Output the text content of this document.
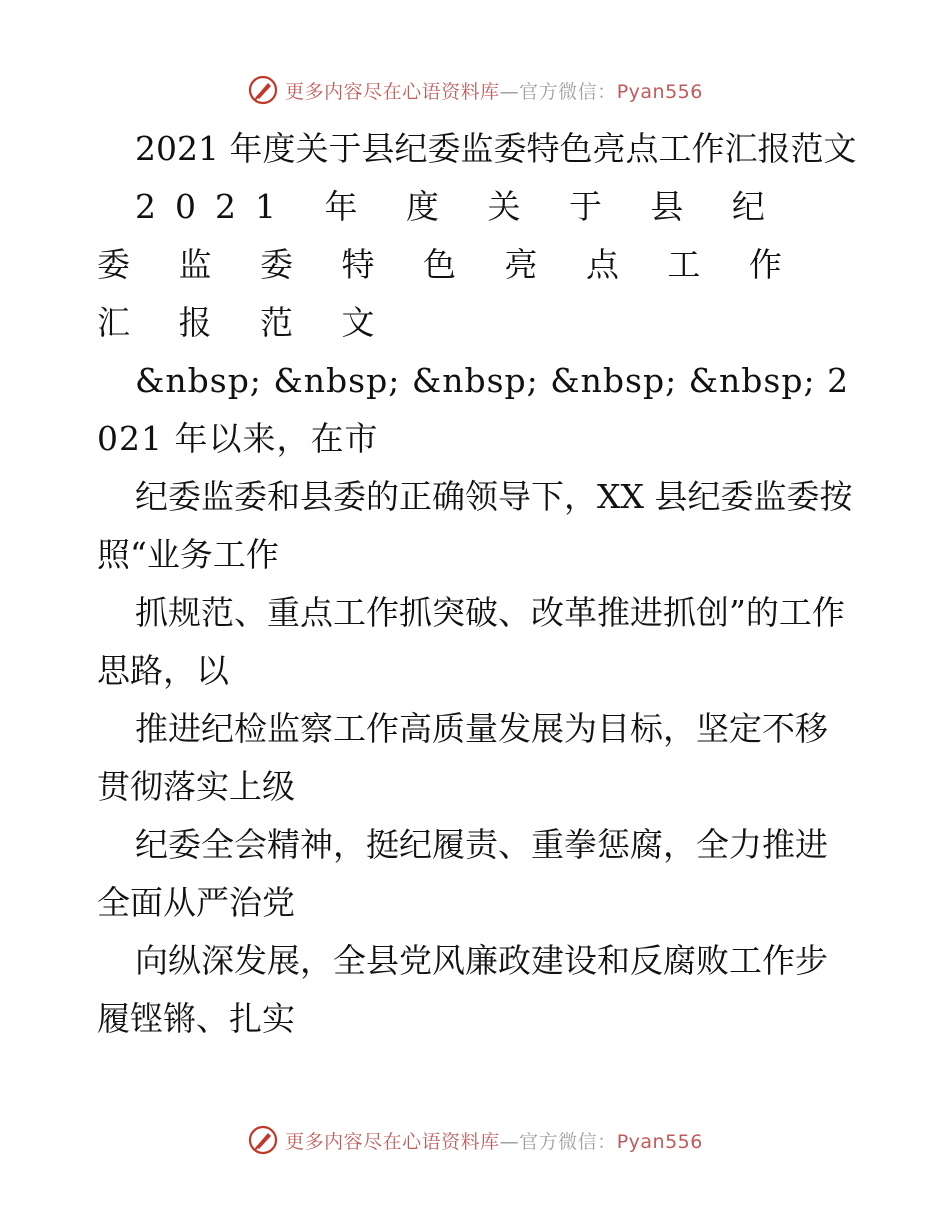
更多内容尽在心语资料库—官方微信：Pyan556

2021 年度关于县纪委监委特色亮点工作汇报范文

2021 年 度 关 于 县 纪 委 监 委 特 色 亮 点 工 作 汇 报 范 文

&nbsp; &nbsp; &nbsp; &nbsp; &nbsp; 2021 年以来，在市

纪委监委和县委的正确领导下，XX 县纪委监委按照“业务工作

抓规范、重点工作抓突破、改革推进抓创”的工作思路，以

推进纪检监察工作高质量发展为目标，坚定不移贯彻落实上级

纪委全会精神，挺纪履责、重拳惩腐，全力推进全面从严治党

向纵深发展，全县党风廉政建设和反腐败工作步履铿锵、扎实

更多内容尽在心语资料库—官方微信：Pyan556
